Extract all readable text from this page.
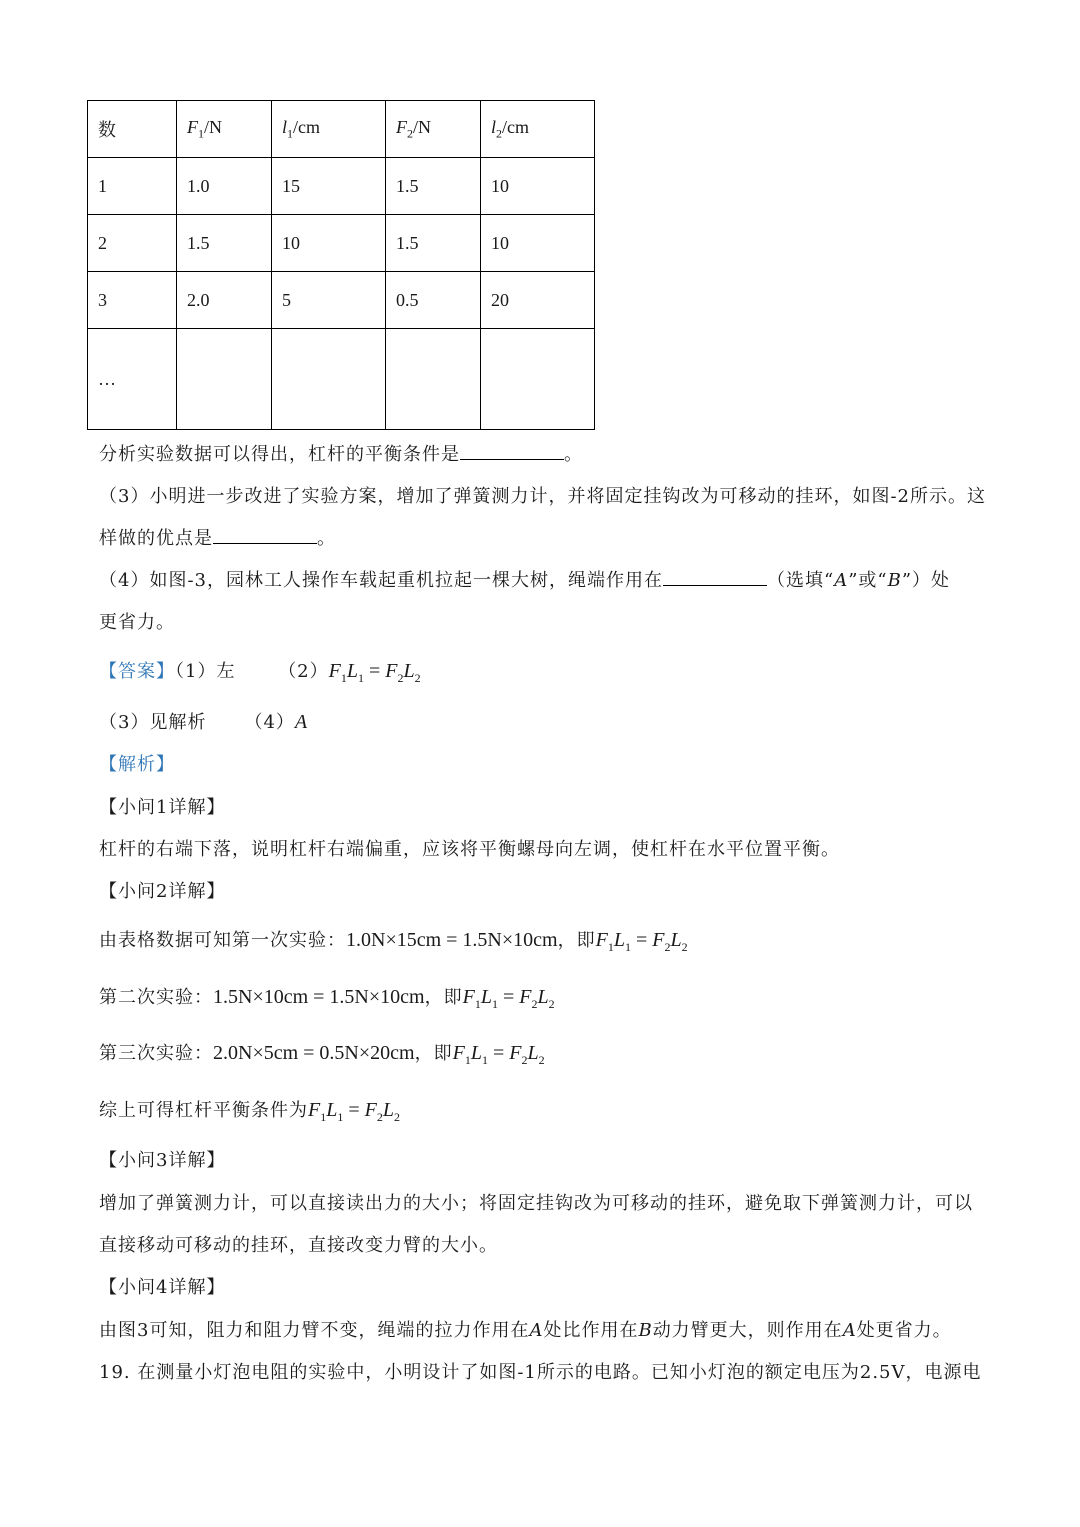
数	$F_1/N$	$l_1/cm$	$F_2/N$	$l_2/cm$
1	1.0	15	1.5	10
2	1.5	10	1.5	10
3	2.0	5	0.5	20
…				
分析实验数据可以得出，杠杆的平衡条件是	。
（3）小明进一步改进了实验方案，增加了弹簧测力计，并将固定挂钩改为可移动的挂环，如图-2所示。这
样做的优点是	。
（4）如图-3，园林工人操作车载起重机拉起一棵大树，绳端作用在	（选填“A”或“B”）处
更省力。
【答案】（1）左 $(2)F_1L_1 = F_2L_2$
（3）见解析 （4）A
【解析】
【小问1详解】
杠杆的右端下落，说明杠杆右端偏重，应该将平衡螺母向左调，使杠杆在水平位置平衡。
【小问2详解】
由表格数据可知第一次实验：1.0N×15cm = 1.5N×10cm，即$F_1L_1 = F_2L_2$
第二次实验：1.5N×10cm = 1.5N×10cm，即$F_1L_1 = F_2L_2$
第三次实验：2.0N×5cm = 0.5N×20cm，即$F_1L_1 = F_2L_2$
综上可得杠杆平衡条件为$F_1L_1 = F_2L_2$
【小问3详解】
增加了弹簧测力计，可以直接读出力的大小；将固定挂钩改为可移动的挂环，避免取下弹簧测力计，可以
直接移动可移动的挂环，直接改变力臂的大小。
【小问4详解】
由图3可知，阻力和阻力臂不变，绳端的拉力作用在A处比作用在B动力臂更大，则作用在A处更省力。
19. 在测量小灯泡电阻的实验中，小明设计了如图-1所示的电路。已知小灯泡的额定电压为2.5V，电源电
